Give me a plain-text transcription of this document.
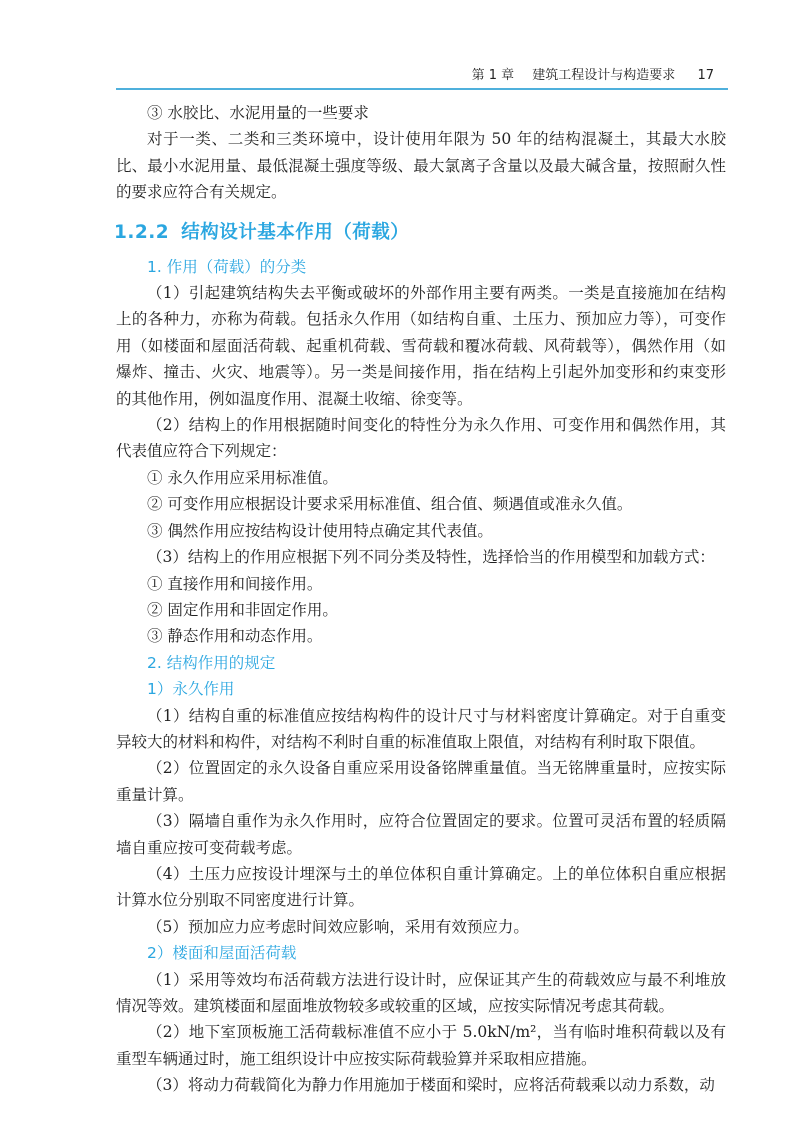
第 1 章 建筑工程设计与构造要求 17

③ 水胶比、水泥用量的一些要求

对于一类、二类和三类环境中，设计使用年限为 50 年的结构混凝土，其最大水胶比、最小水泥用量、最低混凝土强度等级、最大氯离子含量以及最大碱含量，按照耐久性的要求应符合有关规定。

1.2.2 结构设计基本作用（荷载）

1. 作用（荷载）的分类

（1）引起建筑结构失去平衡或破坏的外部作用主要有两类。一类是直接施加在结构上的各种力，亦称为荷载。包括永久作用（如结构自重、土压力、预加应力等），可变作用（如楼面和屋面活荷载、起重机荷载、雪荷载和覆冰荷载、风荷载等），偶然作用（如爆炸、撞击、火灾、地震等）。另一类是间接作用，指在结构上引起外加变形和约束变形的其他作用，例如温度作用、混凝土收缩、徐变等。

（2）结构上的作用根据随时间变化的特性分为永久作用、可变作用和偶然作用，其代表值应符合下列规定：

① 永久作用应采用标准值。

② 可变作用应根据设计要求采用标准值、组合值、频遇值或准永久值。

③ 偶然作用应按结构设计使用特点确定其代表值。

（3）结构上的作用应根据下列不同分类及特性，选择恰当的作用模型和加载方式：

① 直接作用和间接作用。

② 固定作用和非固定作用。

③ 静态作用和动态作用。

2. 结构作用的规定

1）永久作用

（1）结构自重的标准值应按结构构件的设计尺寸与材料密度计算确定。对于自重变异较大的材料和构件，对结构不利时自重的标准值取上限值，对结构有利时取下限值。

（2）位置固定的永久设备自重应采用设备铭牌重量值。当无铭牌重量时，应按实际重量计算。

（3）隔墙自重作为永久作用时，应符合位置固定的要求。位置可灵活布置的轻质隔墙自重应按可变荷载考虑。

（4）土压力应按设计埋深与土的单位体积自重计算确定。上的单位体积自重应根据计算水位分别取不同密度进行计算。

（5）预加应力应考虑时间效应影响，采用有效预应力。

2）楼面和屋面活荷载

（1）采用等效均布活荷载方法进行设计时，应保证其产生的荷载效应与最不利堆放情况等效。建筑楼面和屋面堆放物较多或较重的区域，应按实际情况考虑其荷载。

（2）地下室顶板施工活荷载标准值不应小于 5.0kN/m²，当有临时堆积荷载以及有重型车辆通过时，施工组织设计中应按实际荷载验算并采取相应措施。

（3）将动力荷载简化为静力作用施加于楼面和梁时，应将活荷载乘以动力系数，动
